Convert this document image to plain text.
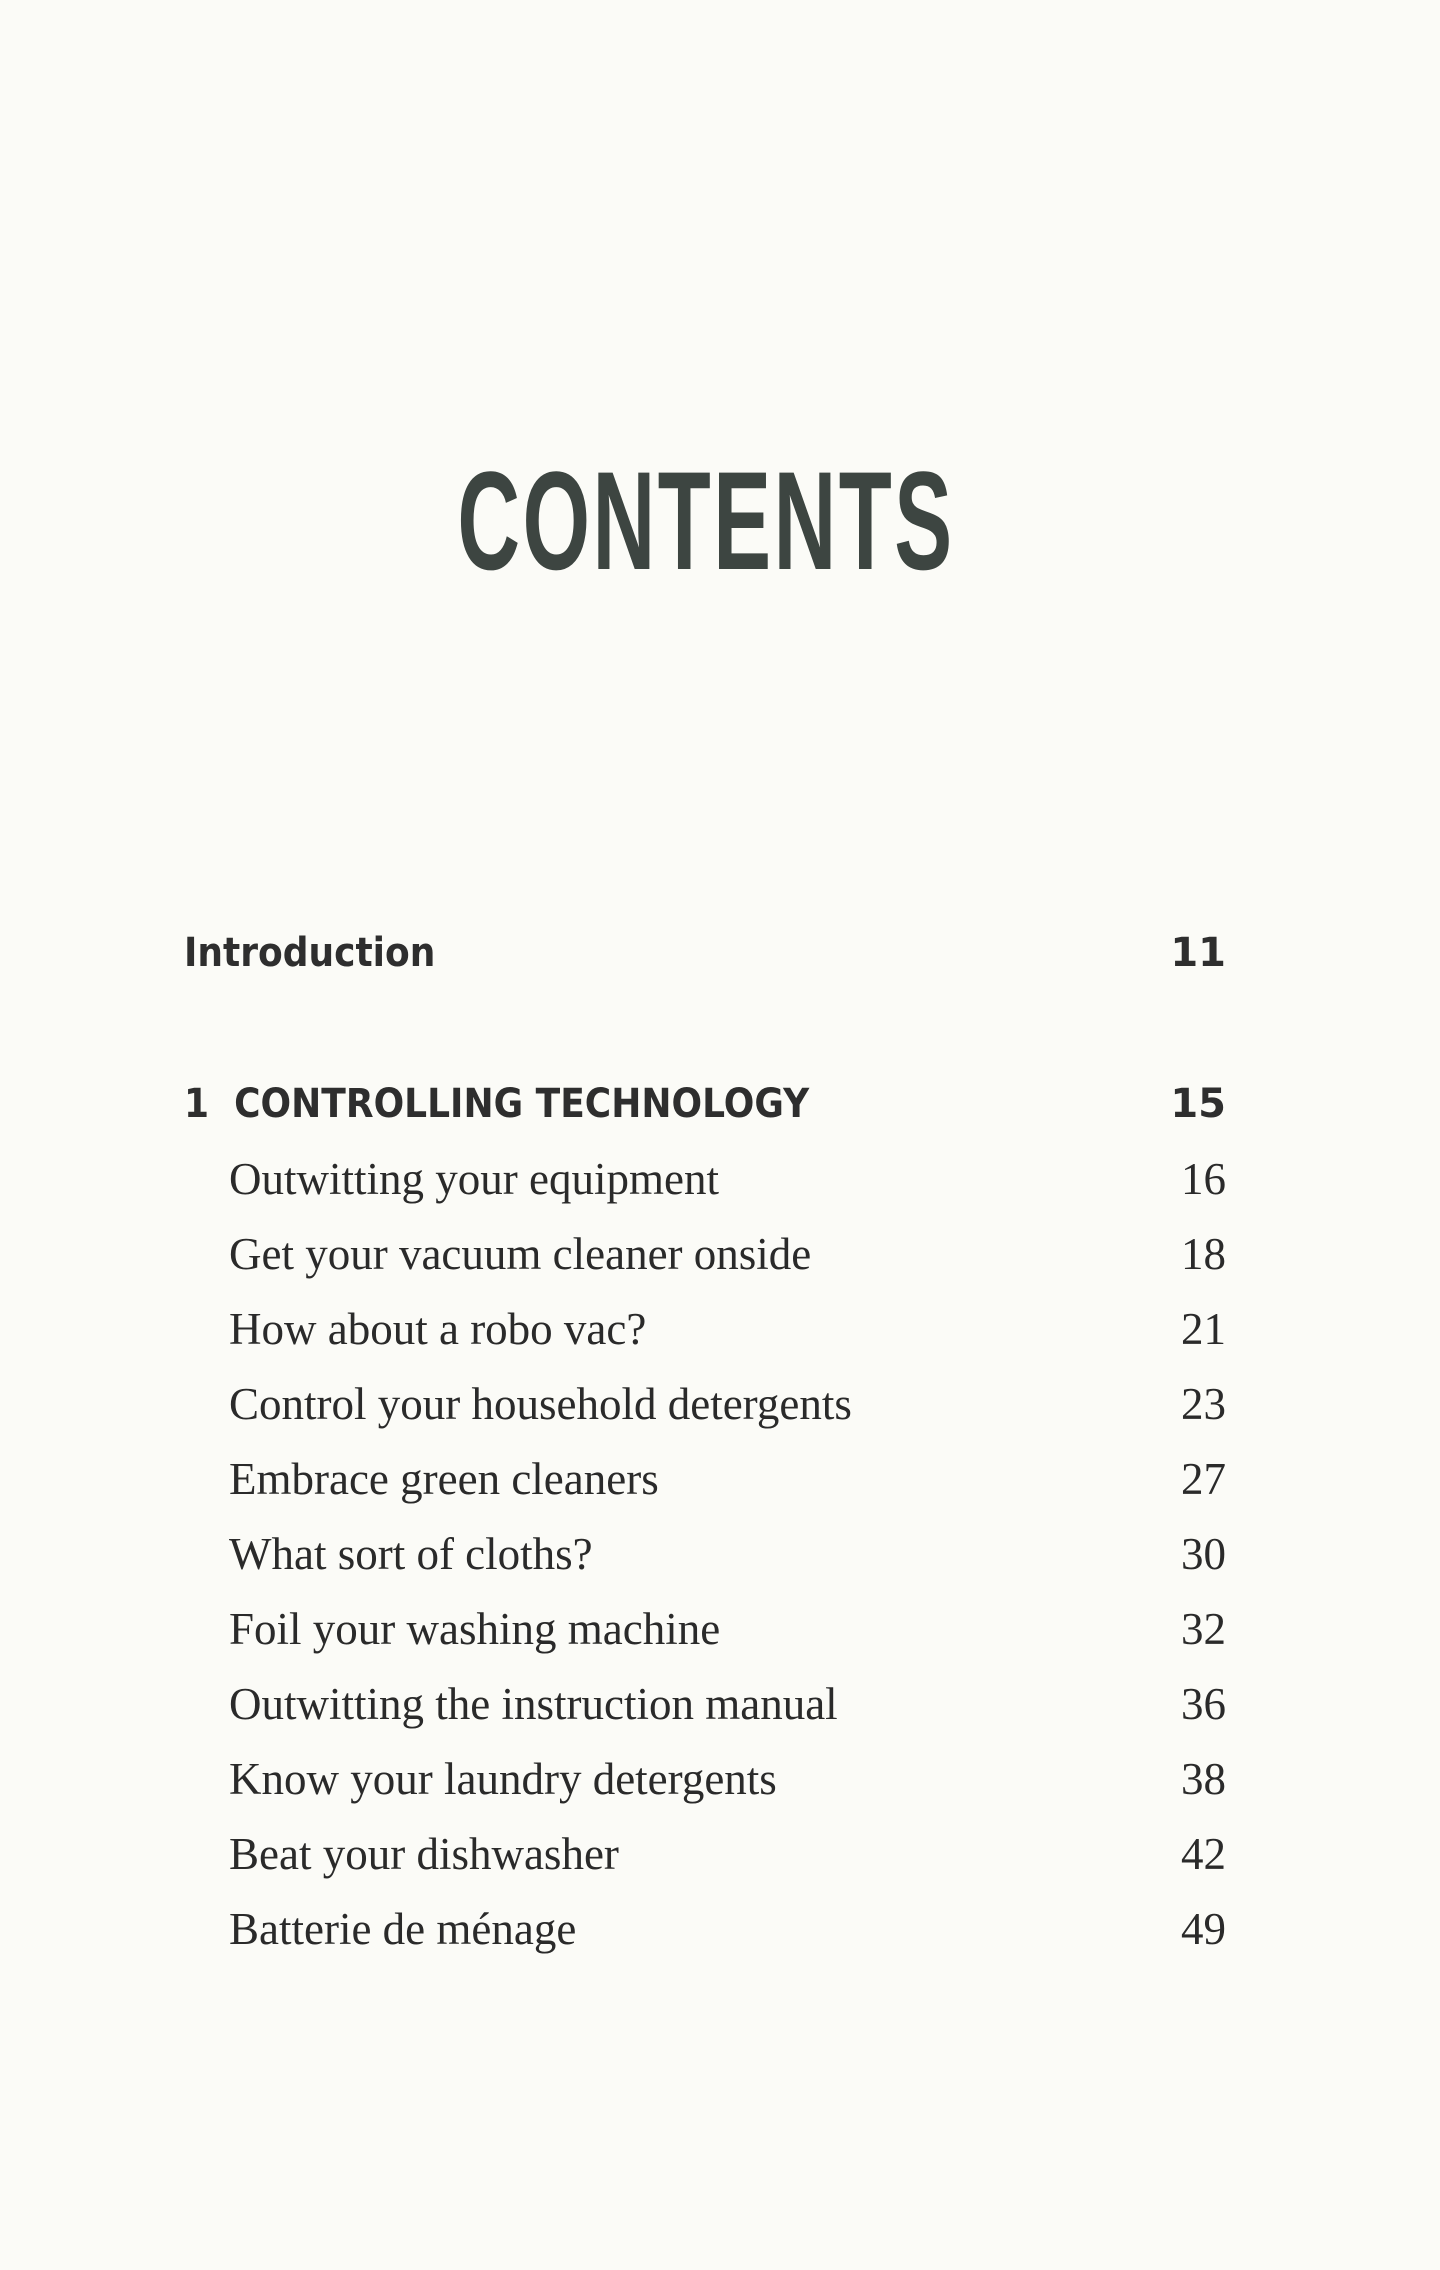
CONTENTS
Introduction	11
1 CONTROLLING TECHNOLOGY	15
Outwitting your equipment	16
Get your vacuum cleaner onside	18
How about a robo vac?	21
Control your household detergents	23
Embrace green cleaners	27
What sort of cloths?	30
Foil your washing machine	32
Outwitting the instruction manual	36
Know your laundry detergents	38
Beat your dishwasher	42
Batterie de ménage	49
